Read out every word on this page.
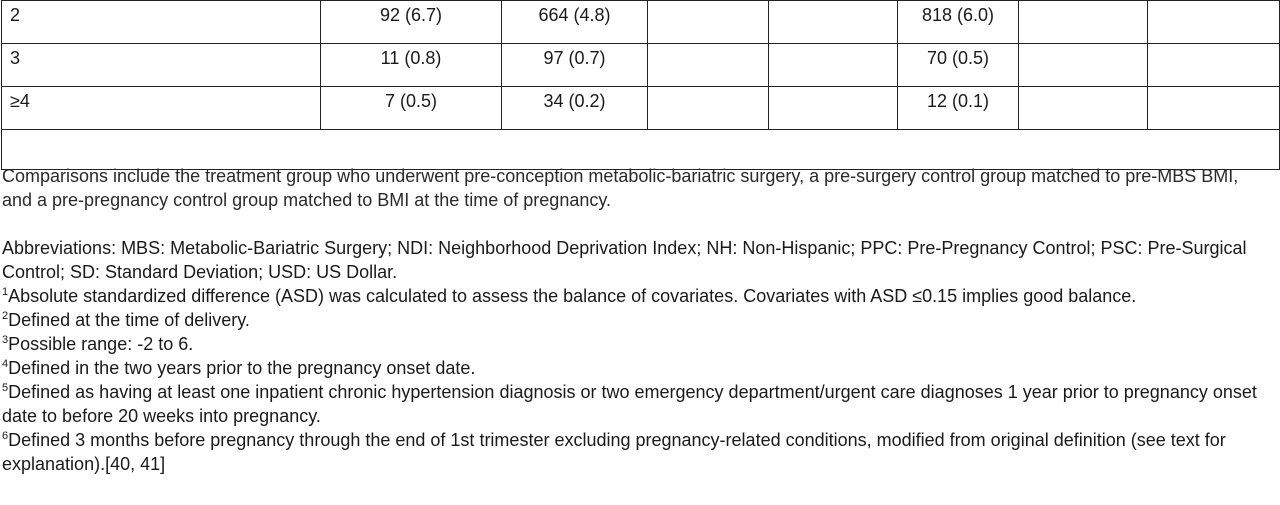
2	92 (6.7)	664 (4.8)			818 (6.0)		
3	11 (0.8)	97 (0.7)			70 (0.5)		
≥4	7 (0.5)	34 (0.2)			12 (0.1)		

Comparisons include the treatment group who underwent pre-conception metabolic-bariatric surgery, a pre-surgery control group matched to pre-MBS BMI, and a pre-pregnancy control group matched to BMI at the time of pregnancy.

Abbreviations: MBS: Metabolic-Bariatric Surgery; NDI: Neighborhood Deprivation Index; NH: Non-Hispanic; PPC: Pre-Pregnancy Control; PSC: Pre-Surgical Control; SD: Standard Deviation; USD: US Dollar.

$^1$Absolute standardized difference (ASD) was calculated to assess the balance of covariates. Covariates with ASD ≤0.15 implies good balance.

$^2$Defined at the time of delivery.

$^3$Possible range: -2 to 6.

$^4$Defined in the two years prior to the pregnancy onset date.

$^5$Defined as having at least one inpatient chronic hypertension diagnosis or two emergency department/urgent care diagnoses 1 year prior to pregnancy onset date to before 20 weeks into pregnancy.

$^6$Defined 3 months before pregnancy through the end of 1st trimester excluding pregnancy-related conditions, modified from original definition (see text for explanation).[40, 41]
